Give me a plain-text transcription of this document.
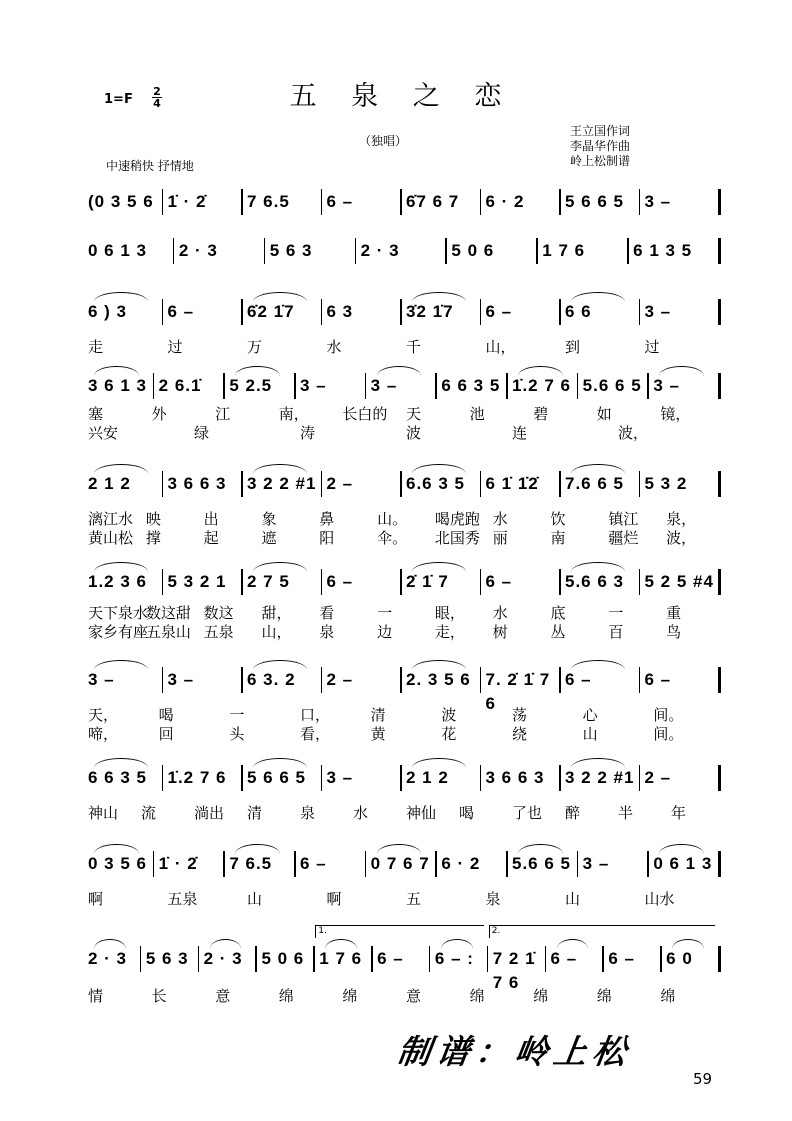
1=F
2
4	五 泉 之 恋
（独唱）
王立国作词
李晶华作曲
岭上松制谱
中速稍快 抒情地
(0 3 5 6 1̇ · 2̇	7 6.5	6 –	6̇7 6 7	6 · 2	5 6 6 5	3 –
0 6 1 3	2 · 3	5 6 3	2 · 3	5 0 6	1 7 6	6 1 3 5
6 ) 3	6 –	6̇2 1̇7	6 3	3̇2 1̇7	6 –	6 6	3 –
走	过	万	水	千	山，	到	过
3 6 1 3 2 6.1̇	5 2.5	3 –	3 –	6 6 3 5 1̇.2 7 6 5.6 6 5 3 –
塞	外	江	南， 长白的 天	池	碧	如	镜，
兴安	绿	涛	波	连	波，
2 1 2	3 6 6 3	3 2 2 #1 2 –	6.6 3 5	6 1̇ 1̇2̇	7.6 6 5	5 3 2
漓江水 映	出	象	鼻	山。 喝虎跑 水	饮	镇江 泉，
黄山松 撑	起	遮	阳	伞。 北国秀 丽	南	疆烂 波，
1.2 3 6	5 3 2 1	2 7 5	6 –	2̇ 1̇ 7	6 –	5.6 6 3	5 2 5 #4
天下泉水
数这甜 数这 甜， 看	一	眼， 水	底	一	重
家乡有座
五泉山 五泉 山， 泉	边	走， 树	丛	百	鸟
3 –	3 –	6 3. 2	2 –	2. 3 5 6 7. 2̇ 1̇ 7 6
6 –	6 –
天，	喝	一	口，	清	波	荡	心	间。
啼，	回	头	看，	黄	花	绕	山	间。
6 6 3 5	1̇.2 7 6	5 6 6 5	3 –	2 1 2	3 6 6 3	3 2 2 #1 2 –
神山 流	淌出 清	泉	水	神仙 喝	了也 醉	半	年
0 3 5 6 1̇ · 2̇	7 6.5	6 –	0 7 6 7 6 · 2	5.6 6 5 3 –	0 6 1 3
啊	五泉	山	啊	五	泉	山	山水
2 · 3	5 6 3 2 · 3	5 0 6 1 7 6 6 –	6 – :	7 2 1̇ 7 6
6 –	6 –	6 0
1.	2.
情	长	意	绵	绵	意	绵	绵	绵	绵
制谱：岭上松
59
